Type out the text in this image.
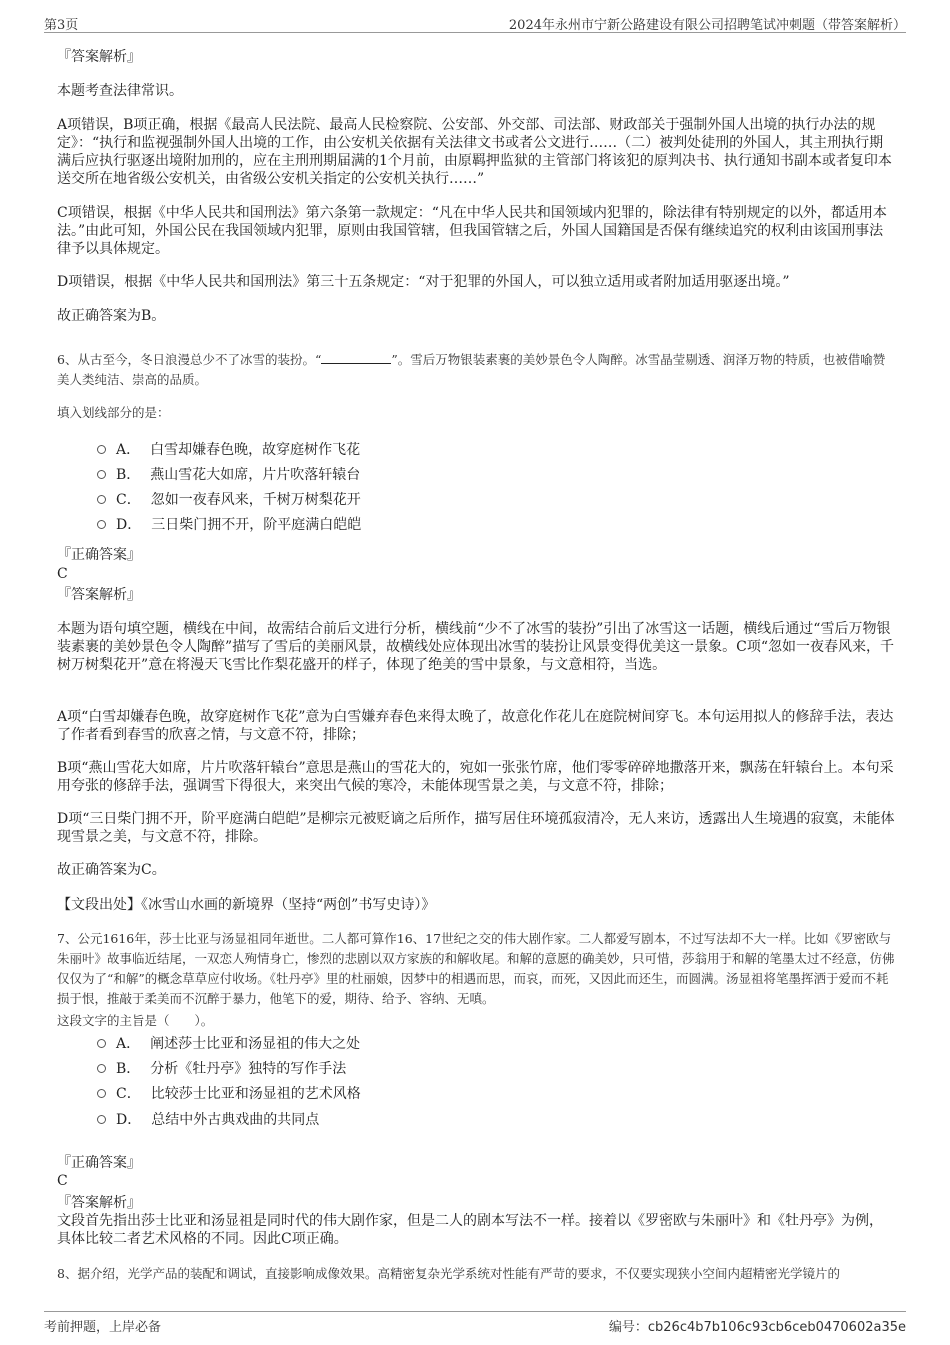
第3页	2024年永州市宁新公路建设有限公司招聘笔试冲刺题（带答案解析）
『答案解析』
本题考查法律常识。
A项错误，B项正确，根据《最高人民法院、最高人民检察院、公安部、外交部、司法部、财政部关于强制外国人出境的执行办法的规定》：“执行和监视强制外国人出境的工作，由公安机关依据有关法律文书或者公文进行……（二）被判处徒刑的外国人，其主刑执行期满后应执行驱逐出境附加刑的，应在主刑刑期届满的1个月前，由原羁押监狱的主管部门将该犯的原判决书、执行通知书副本或者复印本送交所在地省级公安机关，由省级公安机关指定的公安机关执行……”
C项错误，根据《中华人民共和国刑法》第六条第一款规定：“凡在中华人民共和国领域内犯罪的，除法律有特别规定的以外，都适用本法。”由此可知，外国公民在我国领域内犯罪，原则由我国管辖，但我国管辖之后，外国人国籍国是否保有继续追究的权利由该国刑事法律予以具体规定。
D项错误，根据《中华人民共和国刑法》第三十五条规定：“对于犯罪的外国人，可以独立适用或者附加适用驱逐出境。”
故正确答案为B。
6、从古至今，冬日浪漫总少不了冰雪的装扮。“	”。雪后万物银装素裹的美妙景色令人陶醉。冰雪晶莹剔透、润泽万物的特质，也被借喻赞美人类纯洁、崇高的品质。
填入划线部分的是：
A． 白雪却嫌春色晚，故穿庭树作飞花
B． 燕山雪花大如席，片片吹落轩辕台
C． 忽如一夜春风来，千树万树梨花开
D． 三日柴门拥不开，阶平庭满白皑皑
『正确答案』
C
『答案解析』
本题为语句填空题，横线在中间，故需结合前后文进行分析，横线前“少不了冰雪的装扮”引出了冰雪这一话题，横线后通过“雪后万物银装素裹的美妙景色令人陶醉”描写了雪后的美丽风景，故横线处应体现出冰雪的装扮让风景变得优美这一景象。C项“忽如一夜春风来，千树万树梨花开”意在将漫天飞雪比作梨花盛开的样子，体现了绝美的雪中景象，与文意相符，当选。
A项“白雪却嫌春色晚，故穿庭树作飞花”意为白雪嫌弃春色来得太晚了，故意化作花儿在庭院树间穿飞。本句运用拟人的修辞手法，表达了作者看到春雪的欣喜之情，与文意不符，排除；
B项“燕山雪花大如席，片片吹落轩辕台”意思是燕山的雪花大的，宛如一张张竹席，他们零零碎碎地撒落开来，飘荡在轩辕台上。本句采用夸张的修辞手法，强调雪下得很大，来突出气候的寒冷，未能体现雪景之美，与文意不符，排除；
D项“三日柴门拥不开，阶平庭满白皑皑”是柳宗元被贬谪之后所作，描写居住环境孤寂清冷，无人来访，透露出人生境遇的寂寞，未能体现雪景之美，与文意不符，排除。
故正确答案为C。
【文段出处】《冰雪山水画的新境界（坚持“两创”书写史诗）》
7、公元1616年，莎士比亚与汤显祖同年逝世。二人都可算作16、17世纪之交的伟大剧作家。二人都爱写剧本，不过写法却不大一样。比如《罗密欧与朱丽叶》故事临近结尾，一双恋人殉情身亡，惨烈的悲剧以双方家族的和解收尾。和解的意愿的确美妙，只可惜，莎翁用于和解的笔墨太过不经意，仿佛仅仅为了“和解”的概念草草应付收场。《牡丹亭》里的杜丽娘，因梦中的相遇而思，而哀，而死，又因此而还生，而圆满。汤显祖将笔墨挥洒于爱而不耗损于恨，推敲于柔美而不沉醉于暴力，他笔下的爱，期待、给予、容纳、无嗔。
这段文字的主旨是（　　）。
A． 阐述莎士比亚和汤显祖的伟大之处
B． 分析《牡丹亭》独特的写作手法
C． 比较莎士比亚和汤显祖的艺术风格
D． 总结中外古典戏曲的共同点
『正确答案』
C
『答案解析』
文段首先指出莎士比亚和汤显祖是同时代的伟大剧作家，但是二人的剧本写法不一样。接着以《罗密欧与朱丽叶》和《牡丹亭》为例，具体比较二者艺术风格的不同。因此C项正确。
8、据介绍，光学产品的装配和调试，直接影响成像效果。高精密复杂光学系统对性能有严苛的要求，不仅要实现狭小空间内超精密光学镜片的
考前押题，上岸必备	编号：cb26c4b7b106c93cb6ceb0470602a35e
